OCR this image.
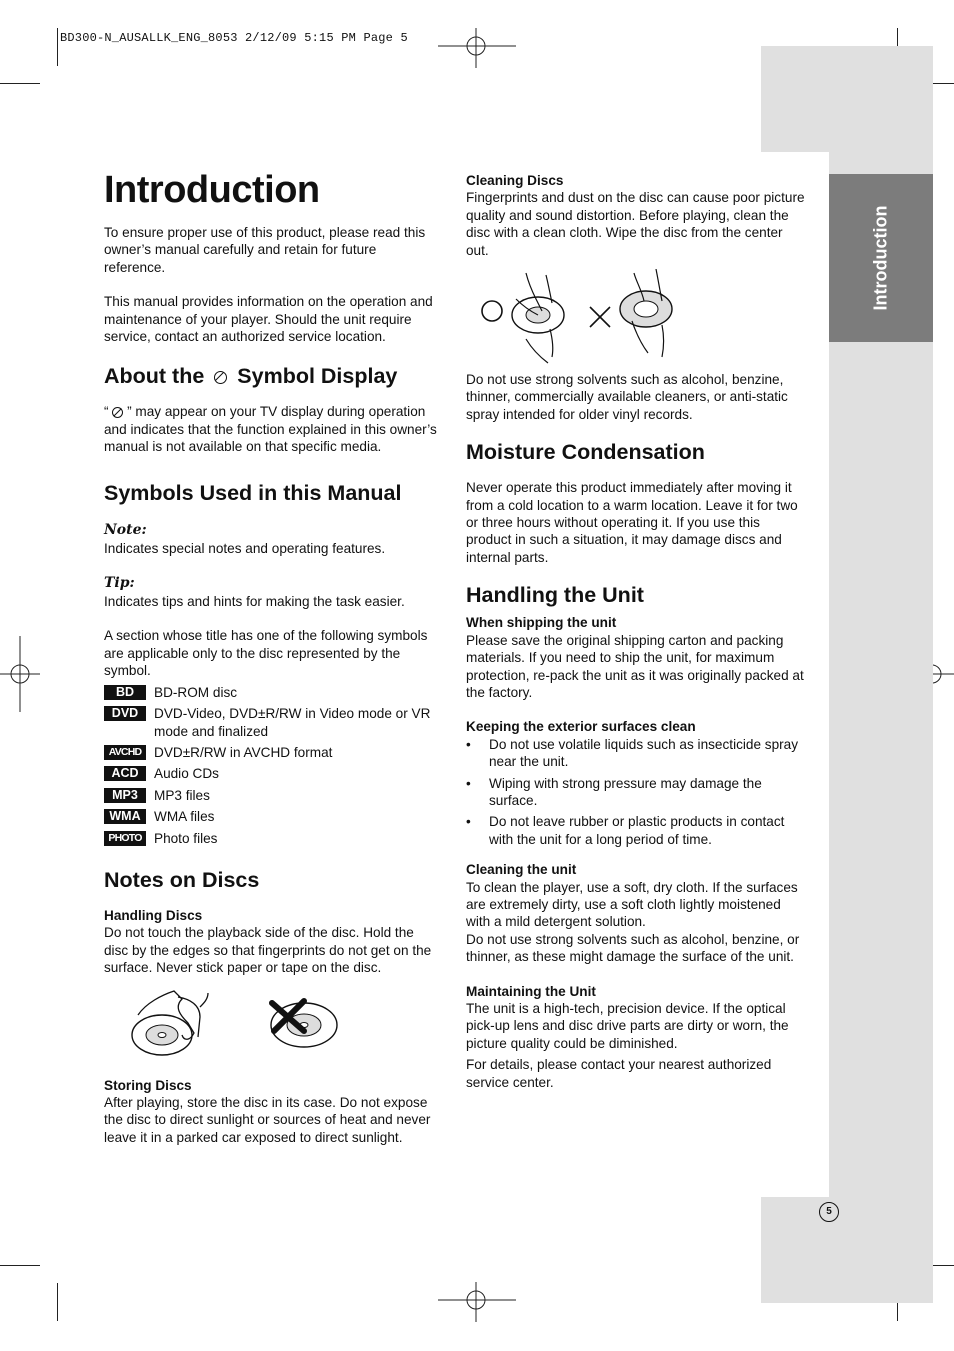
BD300-N_AUSALLK_ENG_8053 2/12/09 5:15 PM Page 5
Introduction
5
Introduction

To ensure proper use of this product, please read this owner’s manual carefully and retain for future reference.

This manual provides information on the operation and maintenance of your player. Should the unit require service, contact an authorized service location.

About the Symbol Display

“ ” may appear on your TV display during operation and indicates that the function explained in this owner’s manual is not available on that specific media.

Symbols Used in this Manual

Note:

Indicates special notes and operating features.

Tip:

Indicates tips and hints for making the task easier.

A section whose title has one of the following symbols are applicable only to the disc represented by the symbol.

BD	BD-ROM disc
DVD	DVD-Video, DVD±R/RW in Video mode or VR mode and finalized
AVCHD DVD±R/RW in AVCHD format
ACD	Audio CDs
MP3	MP3 files
WMA WMA files
PHOTO Photo files
Notes on Discs
Handling Discs

Do not touch the playback side of the disc. Hold the disc by the edges so that fingerprints do not get on the surface. Never stick paper or tape on the disc.

Storing Discs

After playing, store the disc in its case. Do not expose the disc to direct sunlight or sources of heat and never leave it in a parked car exposed to direct sunlight.

Cleaning Discs

Fingerprints and dust on the disc can cause poor picture quality and sound distortion. Before playing, clean the disc with a clean cloth. Wipe the disc from the center out.

Do not use strong solvents such as alcohol, benzine, thinner, commercially available cleaners, or anti-static spray intended for older vinyl records.

Moisture Condensation

Never operate this product immediately after moving it from a cold location to a warm location. Leave it for two or three hours without operating it. If you use this product in such a situation, it may damage discs and internal parts.

Handling the Unit
When shipping the unit

Please save the original shipping carton and packing materials. If you need to ship the unit, for maximum protection, re-pack the unit as it was originally packed at the factory.

Keeping the exterior surfaces clean
• Do not use volatile liquids such as insecticide spray near the unit.
• Wiping with strong pressure may damage the surface.
• Do not leave rubber or plastic products in contact with the unit for a long period of time.
Cleaning the unit

To clean the player, use a soft, dry cloth. If the surfaces are extremely dirty, use a soft cloth lightly moistened with a mild detergent solution.

Do not use strong solvents such as alcohol, benzine, or thinner, as these might damage the surface of the unit.

Maintaining the Unit

The unit is a high-tech, precision device. If the optical pick-up lens and disc drive parts are dirty or worn, the picture quality could be diminished.

For details, please contact your nearest authorized service center.
